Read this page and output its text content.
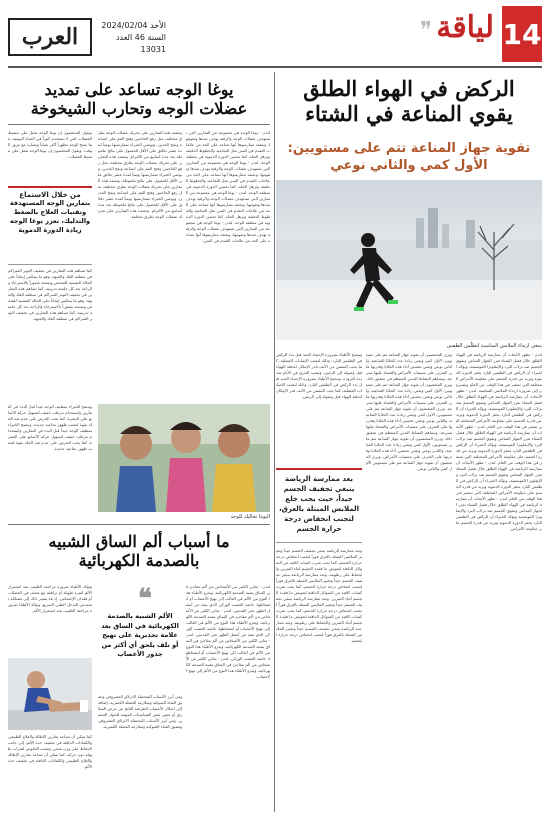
14
لياقة
❞
العرب	الأحد 2024/02/04
السنة 46 العدد 13031
الركض في الهواء الطلق
يقوي المناعة في الشتاء
تقوية جهاز المناعة تتم على مستويين:
الأول كمي والثاني نوعي
ينبغي ارتداء الملابس المناسبة لتطلّس الطقس
لندن - تظهر الأبحاث أن ممارسة الرياضة في الهواء الطلق خلال فصل الشتاء تعزز الجهاز المناعي وتقوي الجسم ضد نزلات البرد والإنفلونزا الموسمية، ويؤكد الخبراء أن الركض في الطقس البارد يحفز الدورة الدموية ويزيد من قدرة الجسم على مقاومة الأمراض المختلفة التي تنتشر في هذا الوقت من العام ويشيرون إلى ضرورة ارتداء الملابس المناسبة. لندن - تظهر الأبحاث أن ممارسة الرياضة في الهواء الطلق خلال فصل الشتاء تعزز الجهاز المناعي وتقوي الجسم ضد نزلات البرد والإنفلونزا الموسمية، ويؤكد الخبراء أن الركض في الطقس البارد يحفز الدورة الدموية ويزيد من قدرة الجسم على مقاومة الأمراض المختلفة التي تنتشر في هذا الوقت من العام. لندن - تظهر الأبحاث أن ممارسة الرياضة في الهواء الطلق خلال فصل الشتاء تعزز الجهاز المناعي وتقوي الجسم ضد نزلات البرد والإنفلونزا الموسمية، ويؤكد الخبراء أن الركض في الطقس البارد يحفز الدورة الدموية ويزيد من قدرة الجسم على مقاومة الأمراض المختلفة التي تنتشر في هذا الوقت من العام. لندن - تظهر الأبحاث أن ممارسة الرياضة في الهواء الطلق خلال فصل الشتاء تعزز الجهاز المناعي وتقوي الجسم ضد نزلات البرد والإنفلونزا الموسمية، ويؤكد الخبراء أن الركض في الطقس البارد يحفز الدورة الدموية ويزيد من قدرة الجسم على مقاومة الأمراض المختلفة التي تنتشر في هذا الوقت من العام. لندن - تظهر الأبحاث أن ممارسة الرياضة في الهواء الطلق خلال فصل الشتاء تعزز الجهاز المناعي وتقوي الجسم ضد نزلات البرد والإنفلونزا الموسمية ويؤكد الخبراء أن الركض في الطقس البارد يحفز الدورة الدموية ويزيد من قدرة الجسم على مقاومة الأمراض.
ويرى المختصون أن تقوية جهاز المناعة تتم على مستويين، الأول كمي ويعني زيادة عدد الخلايا المناعية، والثاني نوعي ويعني تحسين أداء هذه الخلايا وقدرتها على التعرف على مسببات الأمراض والقضاء عليها بسرعة، ويساهم النشاط البدني المنتظم في تحقيق ذلك. ويرى المختصون أن تقوية جهاز المناعة تتم على مستويين، الأول كمي ويعني زيادة عدد الخلايا المناعية، والثاني نوعي ويعني تحسين أداء هذه الخلايا وقدرتها على التعرف على مسببات الأمراض والقضاء عليها بسرعة. ويرى المختصون أن تقوية جهاز المناعة تتم على مستويين، الأول كمي ويعني زيادة عدد الخلايا المناعية، والثاني نوعي ويعني تحسين أداء هذه الخلايا وقدرتها على التعرف على مسببات الأمراض والقضاء عليها بسرعة، ويساهم النشاط البدني المنتظم في تحقيق ذلك. ويرى المختصون أن تقوية جهاز المناعة تتم على مستويين، الأول كمي ويعني زيادة عدد الخلايا المناعية، والثاني نوعي ويعني تحسين أداء هذه الخلايا وقدرتها على التعرف على مسببات الأمراض. ويرى المختصون أن تقوية جهاز المناعة تتم على مستويين الأول كمي والثاني نوعي.
وينصح الأطباء بضرورة الإحماء الجيد قبل بدء الركض في الطقس البارد، وذلك لتجنب الإصابات العضلية، كما يجب التنفس من الأنف قدر الإمكان لتدفئة الهواء قبل وصوله إلى الرئتين، وتجنب الجري في الأيام شديدة البرودة. وينصح الأطباء بضرورة الإحماء الجيد قبل بدء الركض في الطقس البارد، وذلك لتجنب الإصابات العضلية، كما يجب التنفس من الأنف قدر الإمكان لتدفئة الهواء قبل وصوله إلى الرئتين.
بعد ممارسة الرياضة ينبغي تجفيف الجسم جيداً، حيث يجب خلع الملابس المبتلة بالعرق، لتجنب انخفاض درجة حرارة الجسم
وبعد ممارسة الرياضة ينبغي تجفيف الجسم جيداً وتغيير الملابس المبتلة بالعرق فوراً لتجنب انخفاض درجة حرارة الجسم، كما يجب شرب كميات كافية من السوائل الدافئة لتعويض ما فقده الجسم أثناء التمرين والحفاظ على رطوبته. وبعد ممارسة الرياضة ينبغي تجفيف الجسم جيداً وتغيير الملابس المبتلة بالعرق فوراً لتجنب انخفاض درجة حرارة الجسم، كما يجب شرب كميات كافية من السوائل الدافئة لتعويض ما فقده الجسم أثناء التمرين. وبعد ممارسة الرياضة ينبغي تجفيف الجسم جيداً وتغيير الملابس المبتلة بالعرق فوراً لتجنب انخفاض درجة حرارة الجسم، كما يجب شرب كميات كافية من السوائل الدافئة لتعويض ما فقده الجسم أثناء التمرين والحفاظ على رطوبته. وبعد ممارسة الرياضة ينبغي تجفيف الجسم جيداً وتغيير الملابس المبتلة بالعرق فوراً لتجنب انخفاض درجة حرارة الجسم.
يوغا الوجه تساعد على تمديد
عضلات الوجه وتحارب الشيخوخة
لندن - يوغا الوجه هي مجموعة من التمارين التي تستهدف عضلات الوجه والرقبة بهدف شدها وتقويتها، ويعتقد ممارسوها أنها تساعد على الحد من علامات التقدم في السن مثل التجاعيد والخطوط الدقيقة وترهل الجلد، كما تحسن الدورة الدموية في منطقة الوجه. لندن - يوغا الوجه هي مجموعة من التمارين التي تستهدف عضلات الوجه والرقبة بهدف شدها وتقويتها، ويعتقد ممارسوها أنها تساعد على الحد من علامات التقدم في السن مثل التجاعيد والخطوط الدقيقة وترهل الجلد، كما تحسن الدورة الدموية في منطقة الوجه. لندن - يوغا الوجه هي مجموعة من التمارين التي تستهدف عضلات الوجه والرقبة بهدف شدها وتقويتها، ويعتقد ممارسوها أنها تساعد على الحد من علامات التقدم في السن مثل التجاعيد والخطوط الدقيقة وترهل الجلد، كما تحسن الدورة الدموية في منطقة الوجه. لندن - يوغا الوجه هي مجموعة من التمارين التي تستهدف عضلات الوجه والرقبة بهدف شدها وتقويتها، ويعتقد ممارسوها أنها تساعد على الحد من علامات التقدم في السن.
وتعتمد هذه التمارين على تحريك عضلات الوجه بطرق مختلفة، مثل رفع الحاجبين وفتح الفم على اتساعه ونفخ الخدين، ويوصي الخبراء بممارستها يومياً لمدة عشر دقائق على الأقل للحصول على نتائج ملحوظة بعد عدة أسابيع من الالتزام. وتعتمد هذه التمارين على تحريك عضلات الوجه بطرق مختلفة، مثل رفع الحاجبين وفتح الفم على اتساعه ونفخ الخدين، ويوصي الخبراء بممارستها يومياً لمدة عشر دقائق على الأقل للحصول على نتائج ملحوظة. وتعتمد هذه التمارين على تحريك عضلات الوجه بطرق مختلفة، مثل رفع الحاجبين وفتح الفم على اتساعه ونفخ الخدين، ويوصي الخبراء بممارستها يومياً لمدة عشر دقائق على الأقل للحصول على نتائج ملحوظة بعد عدة أسابيع من الالتزام. وتعتمد هذه التمارين على تحريك عضلات الوجه بطرق مختلفة.
من خلال الاستماع
بتمارين الوجه المستهدفة وتقنيات العلاج بالضغط والتدليك، تعزز يوغا الوجه زيادة الدورة الدموية
ويقول المختصون إن يوغا الوجه تعمل على تنشيط العضلات التي لا تستخدم كثيراً في الحياة اليومية، مما يمنح الوجه مظهراً أكثر شباباً ونضارة مع مرور الوقت. ويقول المختصون إن يوغا الوجه تعمل على تنشيط العضلات.
كما تساهم هذه التمارين في تخفيف التوتر المتراكم في منطقة الفك والجبهة، وهو ما ينعكس إيجاباً على الحالة النفسية للشخص ويمنحه شعوراً بالاسترخاء والراحة بعد كل جلسة تدريبية. كما تساهم هذه التمارين في تخفيف التوتر المتراكم في منطقة الفك والجبهة، وهو ما ينعكس إيجاباً على الحالة النفسية للشخص ويمنحه شعوراً بالاسترخاء والراحة بعد كل جلسة تدريبية. كما تساهم هذه التمارين في تخفيف التوتر المتراكم في منطقة الفك والجبهة.
اليوغا تحاليك للوجه
وينصح الخبراء بتنظيف الوجه جيداً قبل البدء في التمارين واستخدام مرطب خفيف لتسهيل حركة الأصابع على البشرة، كما يجب الحرص على عدم شد الجلد بقوة لتجنب ظهور تجاعيد جديدة. وينصح الخبراء بتنظيف الوجه جيداً قبل البدء في التمارين واستخدام مرطب خفيف لتسهيل حركة الأصابع على البشرة، كما يجب الحرص على عدم شد الجلد بقوة لتجنب ظهور تجاعيد جديدة.
ما أسباب ألم الساق الشبيه
بالصدمة الكهربائية
لندن - يعاني الكثير من الأشخاص من ألم مفاجئ في الساق يشبه الصدمة الكهربائية، ويعزو الأطباء هذا النوع من الألم في الغالب إلى تهيج الأعصاب أو انضغاطها، خاصة العصب الوركي الذي يمتد من أسفل الظهر حتى القدمين. لندن - يعاني الكثير من الأشخاص من ألم مفاجئ في الساق يشبه الصدمة الكهربائية، ويعزو الأطباء هذا النوع من الألم في الغالب إلى تهيج الأعصاب أو انضغاطها، خاصة العصب الوركي الذي يمتد من أسفل الظهر حتى القدمين. لندن - يعاني الكثير من الأشخاص من ألم مفاجئ في الساق يشبه الصدمة الكهربائية، ويعزو الأطباء هذا النوع من الألم في الغالب إلى تهيج الأعصاب أو انضغاطها، خاصة العصب الوركي. لندن - يعاني الكثير من الأشخاص من ألم مفاجئ في الساق يشبه الصدمة الكهربائية، ويعزو الأطباء هذا النوع من الألم إلى تهيج الأعصاب.
❝
الألم الشبيه بالصدمة الكهربائية في الساق بعد علامة تحذيرية على تهيج أو تلف يلحق أي أكثر من جذور الأعصاب
ومن أبرز الأسباب المحتملة الانزلاق الغضروفي وتضيق القناة الشوكية ومتلازمة العضلة الكمثرية، إضافة إلى اعتلال الأعصاب الطرفية الناتج عن مرض السكري أو نقص بعض الفيتامينات المهمة للجهاز العصبي. ومن أبرز الأسباب المحتملة الانزلاق الغضروفي وتضيق القناة الشوكية ومتلازمة العضلة الكمثرية.
ويؤكد الأطباء ضرورة مراجعة الطبيب عند استمرار الألم لفترة طويلة أو ترافقه مع ضعف في العضلات أو فقدان الإحساس، إذ قد يشير ذلك إلى مشكلة تستدعي التدخل الطبي السريع. ويؤكد الأطباء ضرورة مراجعة الطبيب عند استمرار الألم.
كما يمكن أن تساعد تمارين الإطالة والعلاج الطبيعي والكمادات الدافئة في تخفيف حدة الألم، إلى جانب الحفاظ على وزن صحي وتجنب الجلوس لفترات طويلة دون حركة. كما يمكن أن تساعد تمارين الإطالة والعلاج الطبيعي والكمادات الدافئة في تخفيف حدة الألم.
